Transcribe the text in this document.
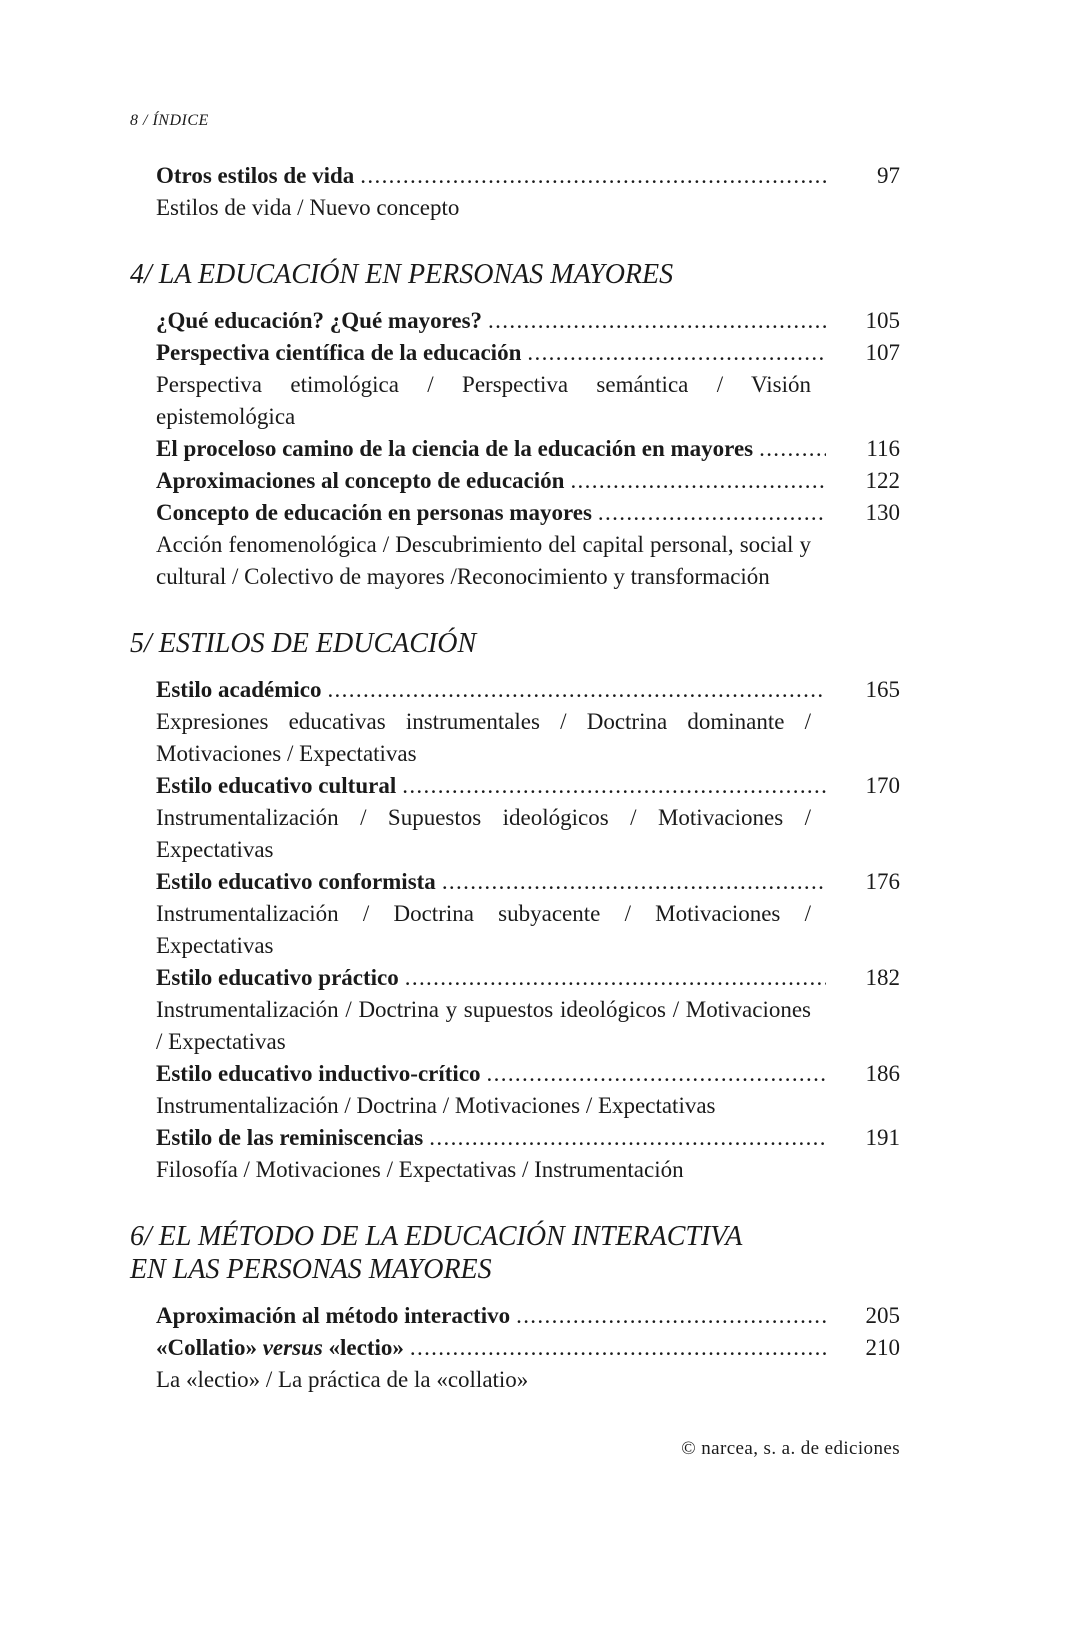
8 / ÍNDICE
Otros estilos de vida . . .	97
Estilos de vida / Nuevo concepto
4/ LA EDUCACIÓN EN PERSONAS MAYORES
¿Qué educación? ¿Qué mayores? . . .	105
Perspectiva científica de la educación . . .	107
Perspectiva etimológica / Perspectiva semántica / Visión epistemológica
El proceloso camino de la ciencia de la educación en mayores . . .	116
Aproximaciones al concepto de educación . . .	122
Concepto de educación en personas mayores . . .	130
Acción fenomenológica / Descubrimiento del capital personal, social y cultural / Colectivo de mayores /Reconocimiento y transformación
5/ ESTILOS DE EDUCACIÓN
Estilo académico . . .	165
Expresiones educativas instrumentales / Doctrina dominante / Motivaciones / Expectativas
Estilo educativo cultural . . .	170
Instrumentalización / Supuestos ideológicos / Motivaciones / Expectativas
Estilo educativo conformista . . .	176
Instrumentalización / Doctrina subyacente / Motivaciones / Expectativas
Estilo educativo práctico . . .	182
Instrumentalización / Doctrina y supuestos ideológicos / Motivaciones / Expectativas
Estilo educativo inductivo-crítico . . .	186
Instrumentalización / Doctrina / Motivaciones / Expectativas
Estilo de las reminiscencias . . .	191
Filosofía / Motivaciones / Expectativas / Instrumentación
6/ EL MÉTODO DE LA EDUCACIÓN INTERACTIVA
EN LAS PERSONAS MAYORES
Aproximación al método interactivo . . .	205
«Collatio» versus «lectio» . . .	210
La «lectio» / La práctica de la «collatio»
© narcea, s. a. de ediciones
